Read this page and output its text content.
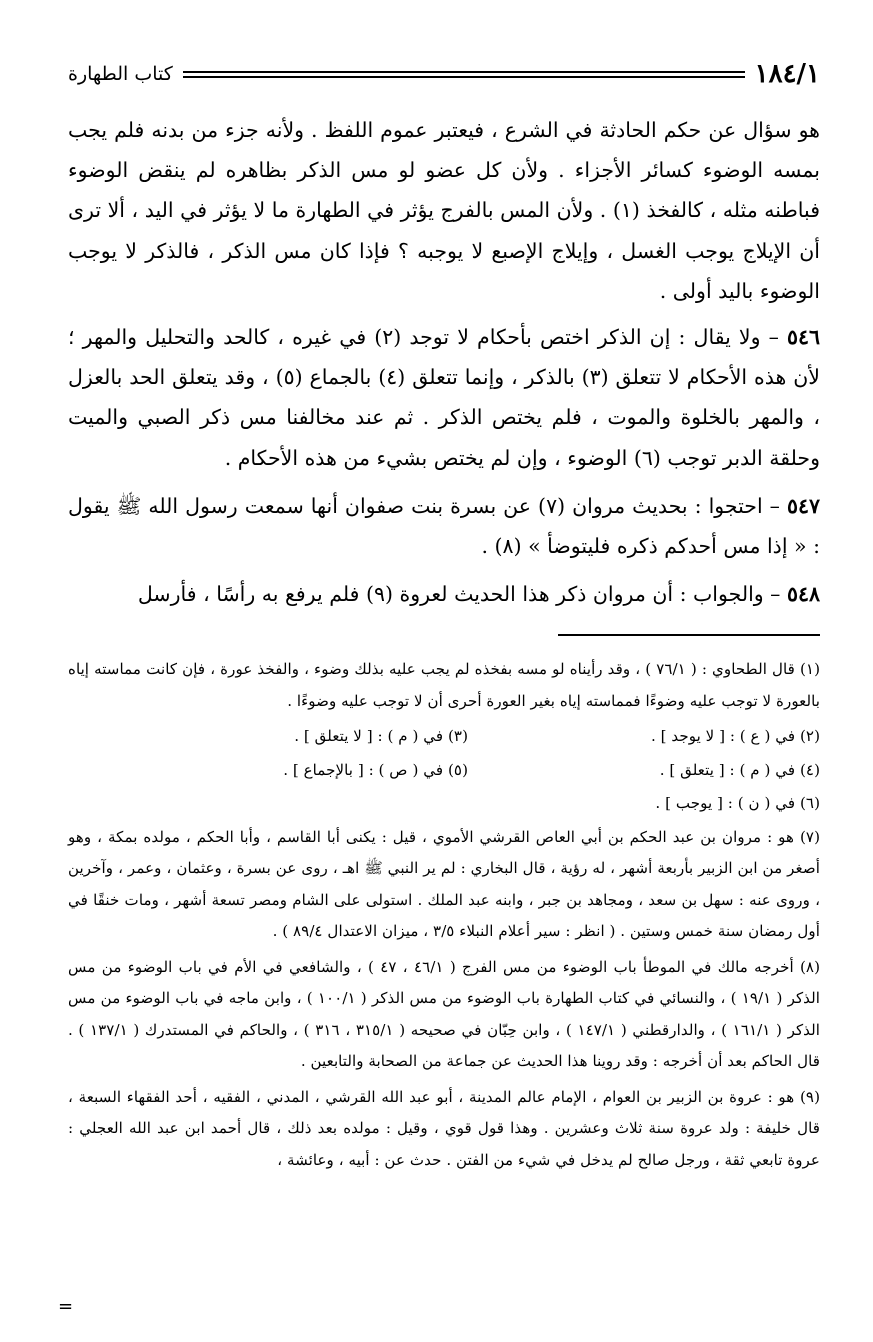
١٨٤/١
كتاب الطهارة

هو سؤال عن حكم الحادثة في الشرع ، فيعتبر عموم اللفظ . ولأنه جزء من بدنه فلم يجب بمسه الوضوء كسائر الأجزاء . ولأن كل عضو لو مس الذكر بظاهره لم ينقض الوضوء فباطنه مثله ، كالفخذ (١) . ولأن المس بالفرج يؤثر في الطهارة ما لا يؤثر في اليد ، ألا ترى أن الإيلاج يوجب الغسل ، وإيلاج الإصبع لا يوجبه ؟ فإذا كان مس الذكر ، فالذكر لا يوجب الوضوء باليد أولى .

٥٤٦ – ولا يقال : إن الذكر اختص بأحكام لا توجد (٢) في غيره ، كالحد والتحليل والمهر ؛ لأن هذه الأحكام لا تتعلق (٣) بالذكر ، وإنما تتعلق (٤) بالجماع (٥) ، وقد يتعلق الحد بالعزل ، والمهر بالخلوة والموت ، فلم يختص الذكر . ثم عند مخالفنا مس ذكر الصبي والميت وحلقة الدبر توجب (٦) الوضوء ، وإن لم يختص بشيء من هذه الأحكام .

٥٤٧ – احتجوا : بحديث مروان (٧) عن بسرة بنت صفوان أنها سمعت رسول الله ﷺ يقول : « إذا مس أحدكم ذكره فليتوضأ » (٨) .

٥٤٨ – والجواب : أن مروان ذكر هذا الحديث لعروة (٩) فلم يرفع به رأسًا ، فأرسل

(١) قال الطحاوي : ( ٧٦/١ ) ، وقد رأيناه لو مسه بفخذه لم يجب عليه بذلك وضوء ، والفخذ عورة ، فإن كانت مماسته إياه بالعورة لا توجب عليه وضوءًا فمماسته إياه بغير العورة أحرى أن لا توجب عليه وضوءًا .

(٢) في ( ع ) : [ لا يوجد ] .
(٣) في ( م ) : [ لا يتعلق ] .
(٤) في ( م ) : [ يتعلق ] .
(٥) في ( ص ) : [ بالإجماع ] .
(٦) في ( ن ) : [ يوجب ] .

(٧) هو : مروان بن عبد الحكم بن أبي العاص القرشي الأموي ، قيل : يكنى أبا القاسم ، وأبا الحكم ، مولده بمكة ، وهو أصغر من ابن الزبير بأربعة أشهر ، له رؤية ، قال البخاري : لم ير النبي ﷺ اهـ ، روى عن بسرة ، وعثمان ، وعمر ، وآخرين ، وروى عنه : سهل بن سعد ، ومجاهد بن جبر ، وابنه عبد الملك . استولى على الشام ومصر تسعة أشهر ، ومات خنقًا في أول رمضان سنة خمس وستين . ( انظر : سير أعلام النبلاء ٣/٥ ، ميزان الاعتدال ٨٩/٤ ) .

(٨) أخرجه مالك في الموطأ باب الوضوء من مس الفرج ( ٤٦/١ ، ٤٧ ) ، والشافعي في الأم في باب الوضوء من مس الذكر ( ١٩/١ ) ، والنسائي في كتاب الطهارة باب الوضوء من مس الذكر ( ١٠٠/١ ) ، وابن ماجه في باب الوضوء من مس الذكر ( ١٦١/١ ) ، والدارقطني ( ١٤٧/١ ) ، وابن حِبّان في صحيحه ( ٣١٥/١ ، ٣١٦ ) ، والحاكم في المستدرك ( ١٣٧/١ ) . قال الحاكم بعد أن أخرجه : وقد روينا هذا الحديث عن جماعة من الصحابة والتابعين .

(٩) هو : عروة بن الزبير بن العوام ، الإمام عالم المدينة ، أبو عبد الله القرشي ، المدني ، الفقيه ، أحد الفقهاء السبعة ، قال خليفة : ولد عروة سنة ثلاث وعشرين . وهذا قول قوي ، وقيل : مولده بعد ذلك ، قال أحمد ابن عبد الله العجلي : عروة تابعي ثقة ، ورجل صالح لم يدخل في شيء من الفتن . حدث عن : أبيه ، وعائشة ،

=
